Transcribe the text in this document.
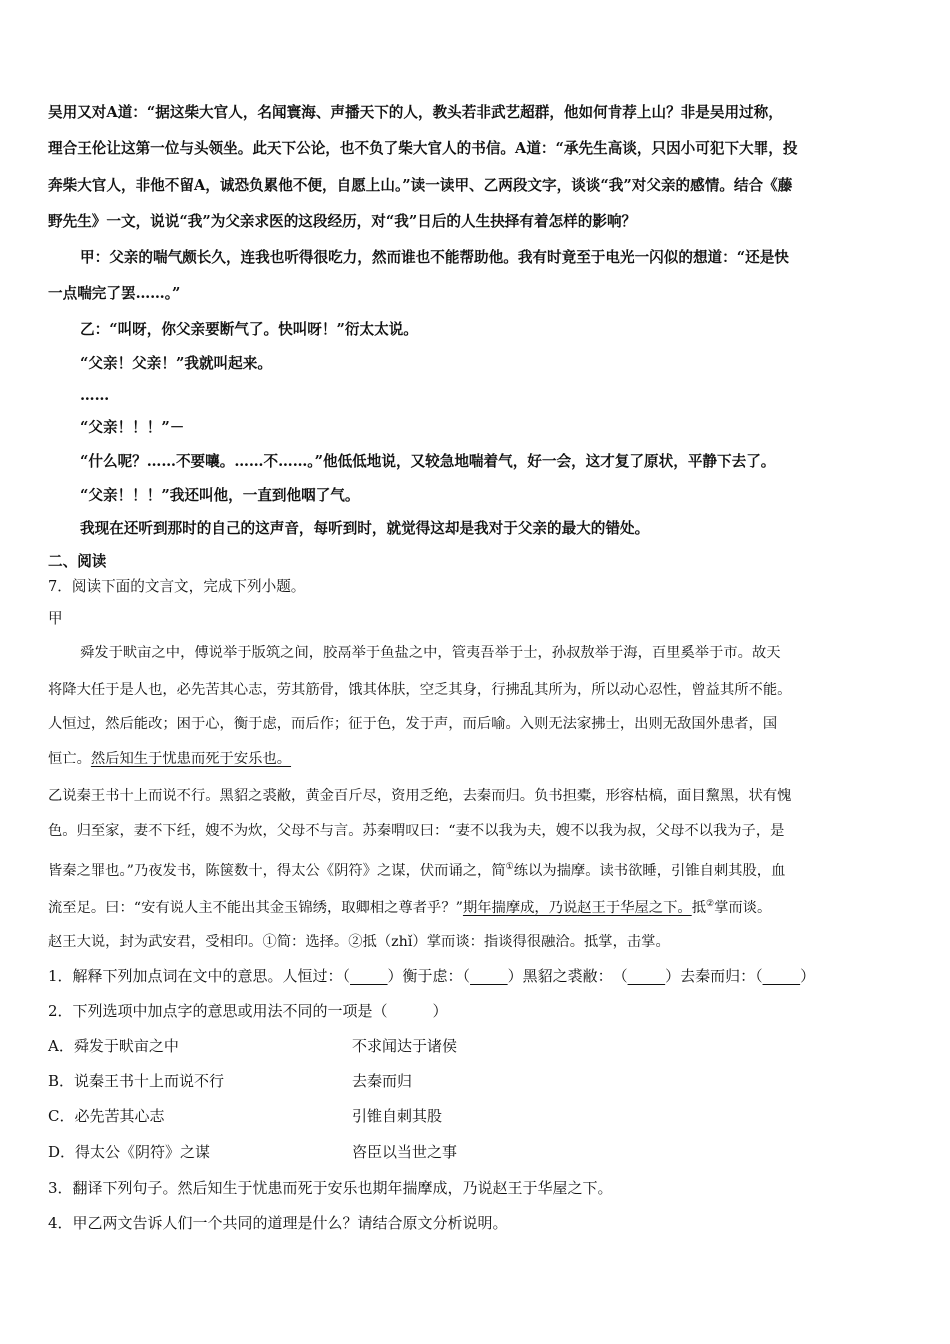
吴用又对A道：“据这柴大官人，名闻寰海、声播天下的人，教头若非武艺超群，他如何肯荐上山？非是吴用过称，
理合王伦让这第一位与头领坐。此天下公论，也不负了柴大官人的书信。A道：“承先生高谈，只因小可犯下大罪，投
奔柴大官人，非他不留A，诚恐负累他不便，自愿上山。”读一读甲、乙两段文字，谈谈“我”对父亲的感情。结合《藤
野先生》一文，说说“我”为父亲求医的这段经历，对“我”日后的人生抉择有着怎样的影响？
甲：父亲的喘气颇长久，连我也听得很吃力，然而谁也不能帮助他。我有时竟至于电光一闪似的想道：“还是快
一点喘完了罢……。”
乙：“叫呀，你父亲要断气了。快叫呀！”衍太太说。
“父亲！父亲！”我就叫起来。
……
“父亲！！！”－
“什么呢？……不要嚷。……不……。”他低低地说，又较急地喘着气，好一会，这才复了原状，平静下去了。
“父亲！！！”我还叫他，一直到他咽了气。
我现在还听到那时的自己的这声音，每听到时，就觉得这却是我对于父亲的最大的错处。
二、阅读
7．阅读下面的文言文，完成下列小题。
甲
舜发于畎亩之中，傅说举于版筑之间，胶鬲举于鱼盐之中，管夷吾举于士，孙叔敖举于海，百里奚举于市。故天
将降大任于是人也，必先苦其心志，劳其筋骨，饿其体肤，空乏其身，行拂乱其所为，所以动心忍性，曾益其所不能。
人恒过，然后能改；困于心，衡于虑，而后作；征于色，发于声，而后喻。入则无法家拂士，出则无敌国外患者，国
恒亡。然后知生于忧患而死于安乐也。
乙说秦王书十上而说不行。黑貂之裘敝，黄金百斤尽，资用乏绝，去秦而归。负书担橐，形容枯槁，面目黧黑，状有愧
色。归至家，妻不下纴，嫂不为炊，父母不与言。苏秦喟叹曰：“妻不以我为夫，嫂不以我为叔，父母不以我为子，是
皆秦之罪也。”乃夜发书，陈箧数十，得太公《阴符》之谋，伏而诵之，简①练以为揣摩。读书欲睡，引锥自刺其股，血
流至足。曰：“安有说人主不能出其金玉锦绣，取卿相之尊者乎？”期年揣摩成，乃说赵王于华屋之下。抵②掌而谈。
赵王大说，封为武安君，受相印。①简：选择。②抵（zhǐ）掌而谈：指谈得很融洽。抵掌，击掌。
1．解释下列加点词在文中的意思。人恒过：（_____）衡于虑：（_____）黑貂之裘敝：　（_____）去秦而归：（_____）
2．下列选项中加点字的意思或用法不同的一项是（　　　）
A．舜发于畎亩之中	不求闻达于诸侯
B．说秦王书十上而说不行	去秦而归
C．必先苦其心志	引锥自刺其股
D．得太公《阴符》之谋	咨臣以当世之事
3．翻译下列句子。然后知生于忧患而死于安乐也期年揣摩成，乃说赵王于华屋之下。
4．甲乙两文告诉人们一个共同的道理是什么？请结合原文分析说明。
